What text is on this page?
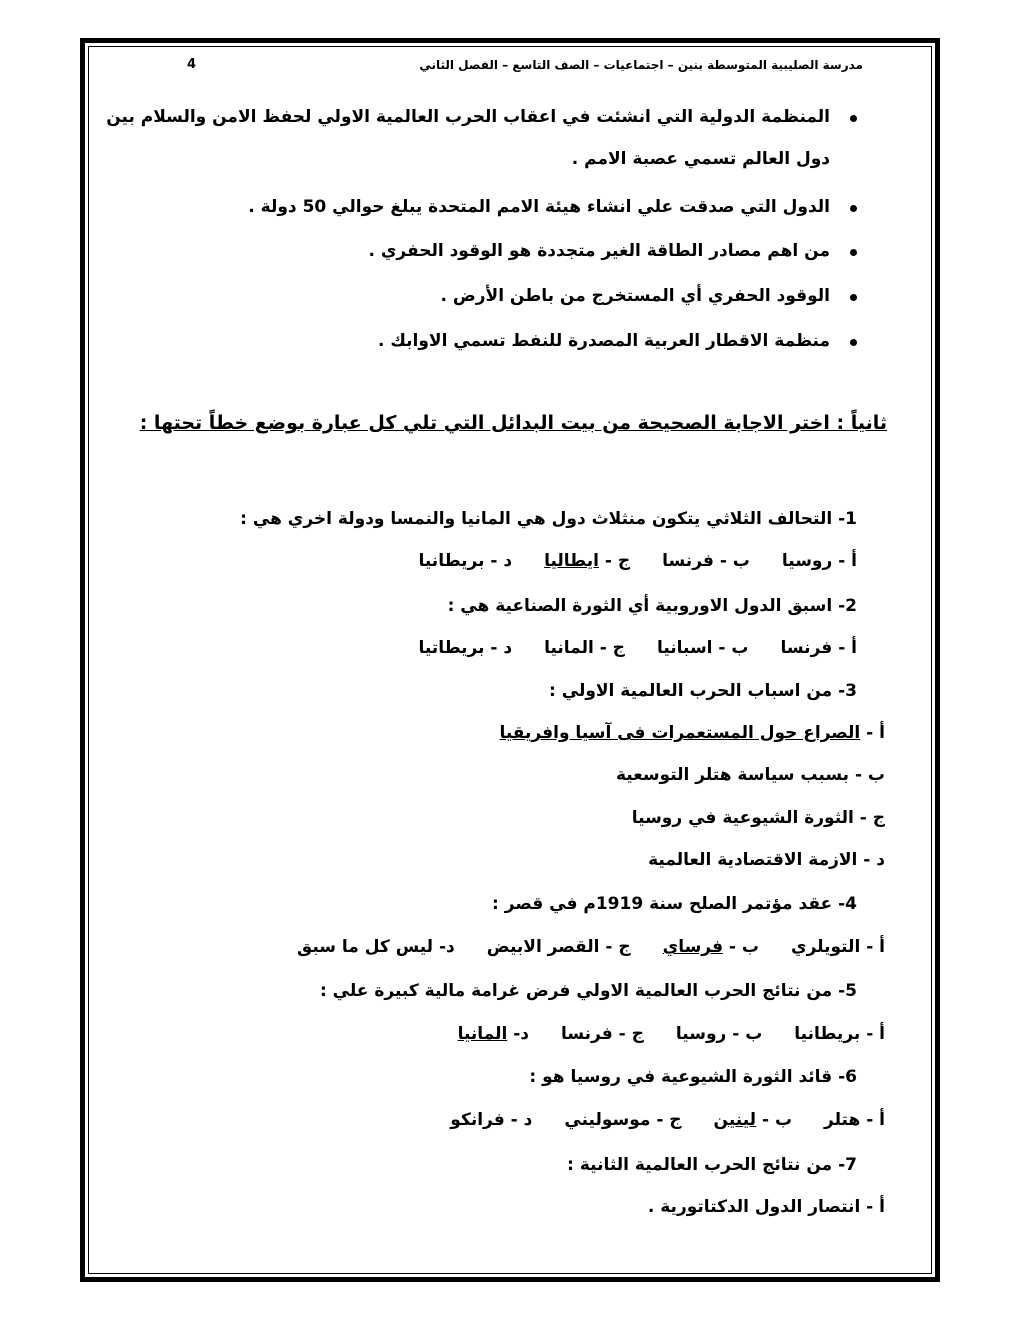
مدرسة الصليبية المتوسطة بنين – اجتماعيات – الصف التاسع – الفصل الثاني
4
المنظمة الدولية التي انشئت في اعقاب الحرب العالمية الاولي لحفظ الامن والسلام بين
دول العالم تسمي عصبة الامم .
الدول التي صدقت علي انشاء هيئة الامم المتحدة يبلغ حوالي 50 دولة .
من اهم مصادر الطاقة الغير متجددة هو الوقود الحفري .
الوقود الحفري أي المستخرج من باطن الأرض .
منظمة الاقطار العربية المصدرة للنفط تسمي الاوابك .
ثانياً : اختر الاجابة الصحيحة من بيت البدائل التي تلي كل عبارة بوضع خطاً تحتها :
1- التحالف الثلاثي يتكون منثلاث دول هي المانيا والنمسا ودولة اخري هي :
أ - روسياب - فرنساج - ايطالياد - بريطانيا
2- اسبق الدول الاوروبية أي الثورة الصناعية هي :
أ - فرنساب - اسبانياج - المانياد - بريطاتيا
3- من اسباب الحرب العالمية الاولي :
أ - الصراع حول المستعمرات فى آسيا وافريقيا
ب - بسبب سياسة هتلر التوسعية
ج - الثورة الشيوعية في روسيا
د - الازمة الاقتصادية العالمية
4- عقد مؤتمر الصلح سنة 1919م في قصر :
أ - التويلريب - فرسايج - القصر الابيضد- ليس كل ما سبق
5- من نتائج الحرب العالمية الاولي فرض غرامة مالية كبيرة علي :
أ - بريطانياب - روسياج - فرنساد- المانيا
6- قائد الثورة الشيوعية في روسيا هو :
أ - هتلرب - لينينج - موسولينيد - فرانكو
7- من نتائج الحرب العالمية الثانية :
أ - انتصار الدول الدكتاتورية .
